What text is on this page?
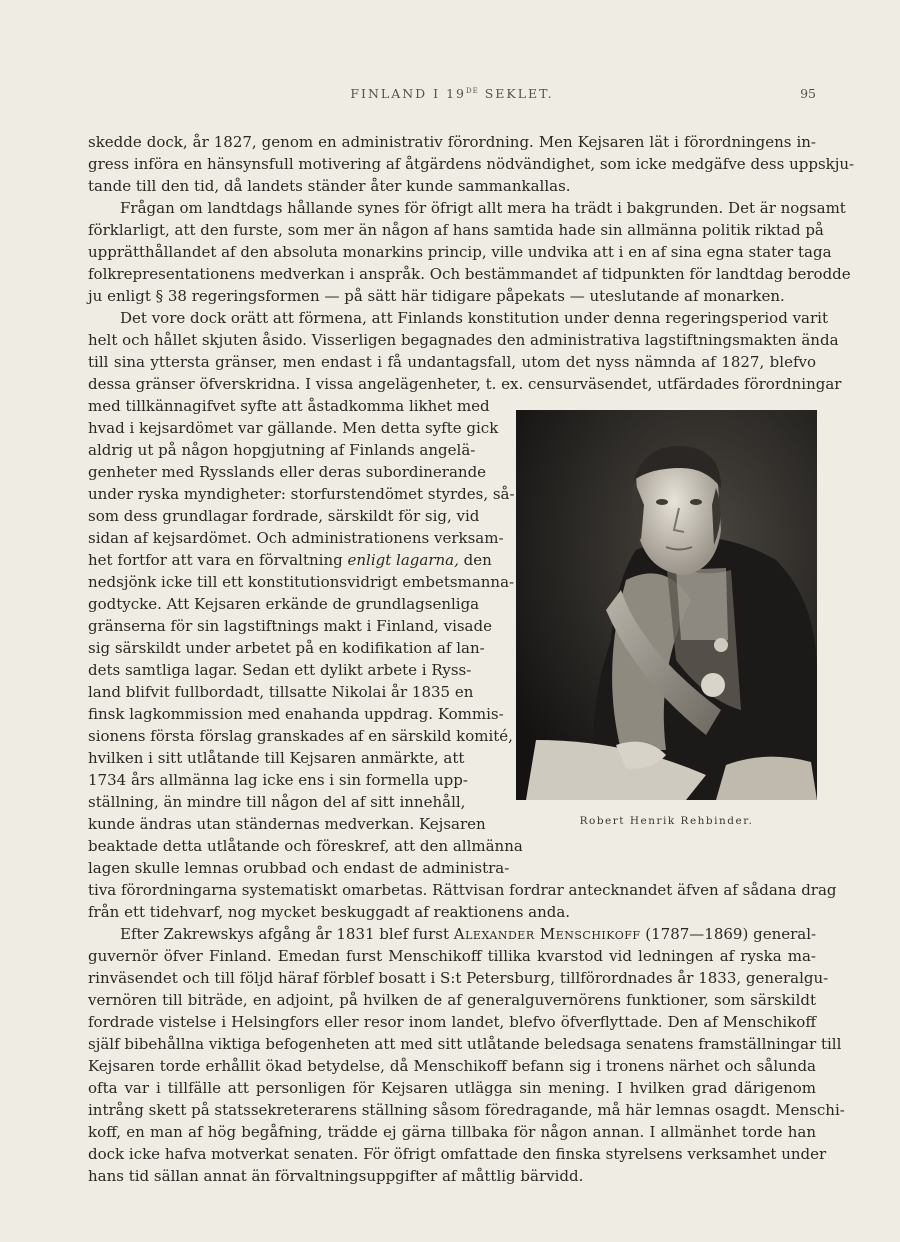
FINLAND I 19DE SEKLET.	95
skedde dock, år 1827, genom en administrativ förordning. Men Kejsaren lät i förordningens in-
gress införa en hänsynsfull motivering af åtgärdens nödvändighet, som icke medgäfve dess uppskju-
tande till den tid, då landets ständer åter kunde sammankallas.
Frågan om landtdags hållande synes för öfrigt allt mera ha trädt i bakgrunden. Det är nogsamt
förklarligt, att den furste, som mer än någon af hans samtida hade sin allmänna politik riktad på
upprätthållandet af den absoluta monarkins princip, ville undvika att i en af sina egna stater taga
folkrepresentationens medverkan i anspråk. Och bestämmandet af tidpunkten för landtdag berodde
ju enligt § 38 regeringsformen — på sätt här tidigare påpekats — uteslutande af monarken.
Det vore dock orätt att förmena, att Finlands konstitution under denna regeringsperiod varit
helt och hållet skjuten åsido. Visserligen begagnades den administrativa lagstiftningsmakten ända
till sina yttersta gränser, men endast i få undantagsfall, utom det nyss nämnda af 1827, blefvo
dessa gränser öfverskridna. I vissa angelägenheter, t. ex. censurväsendet, utfärdades förordningar
med tillkännagifvet syfte att åstadkomma likhet med
hvad i kejsardömet var gällande. Men detta syfte gick
aldrig ut på någon hopgjutning af Finlands angelä-
genheter med Rysslands eller deras subordinerande
under ryska myndigheter: storfurstendömet styrdes, så-
som dess grundlagar fordrade, särskildt för sig, vid
sidan af kejsardömet. Och administrationens verksam-
het fortfor att vara en förvaltning enligt lagarna, den
nedsjönk icke till ett konstitutionsvidrigt embetsmanna-
godtycke. Att Kejsaren erkände de grundlagsenliga
gränserna för sin lagstiftnings makt i Finland, visade
sig särskildt under arbetet på en kodifikation af lan-
dets samtliga lagar. Sedan ett dylikt arbete i Ryss-
land blifvit fullbordadt, tillsatte Nikolai år 1835 en
finsk lagkommission med enahanda uppdrag. Kommis-
sionens första förslag granskades af en särskild komité,
hvilken i sitt utlåtande till Kejsaren anmärkte, att
1734 års allmänna lag icke ens i sin formella upp-
ställning, än mindre till någon del af sitt innehåll,
kunde ändras utan ständernas medverkan. Kejsaren
beaktade detta utlåtande och föreskref, att den allmänna
lagen skulle lemnas orubbad och endast de administra-
tiva förordningarna systematiskt omarbetas. Rättvisan fordrar antecknandet äfven af sådana drag
från ett tidehvarf, nog mycket beskuggadt af reaktionens anda.
Efter Zakrewskys afgång år 1831 blef furst Alexander Menschikoff (1787—1869) general-
guvernör öfver Finland. Emedan furst Menschikoff tillika kvarstod vid ledningen af ryska ma-
rinväsendet och till följd häraf förblef bosatt i S:t Petersburg, tillförordnades år 1833, generalgu-
vernören till biträde, en adjoint, på hvilken de af generalguvernörens funktioner, som särskildt
fordrade vistelse i Helsingfors eller resor inom landet, blefvo öfverflyttade. Den af Menschikoff
själf bibehållna viktiga befogenheten att med sitt utlåtande beledsaga senatens framställningar till
Kejsaren torde erhållit ökad betydelse, då Menschikoff befann sig i tronens närhet och sålunda
ofta var i tillfälle att personligen för Kejsaren utlägga sin mening. I hvilken grad därigenom
intrång skett på statssekreterarens ställning såsom föredragande, må här lemnas osagdt. Menschi-
koff, en man af hög begåfning, trädde ej gärna tillbaka för någon annan. I allmänhet torde han
dock icke hafva motverkat senaten. För öfrigt omfattade den finska styrelsens verksamhet under
hans tid sällan annat än förvaltningsuppgifter af måttlig bärvidd.
Robert Henrik Rehbinder.
